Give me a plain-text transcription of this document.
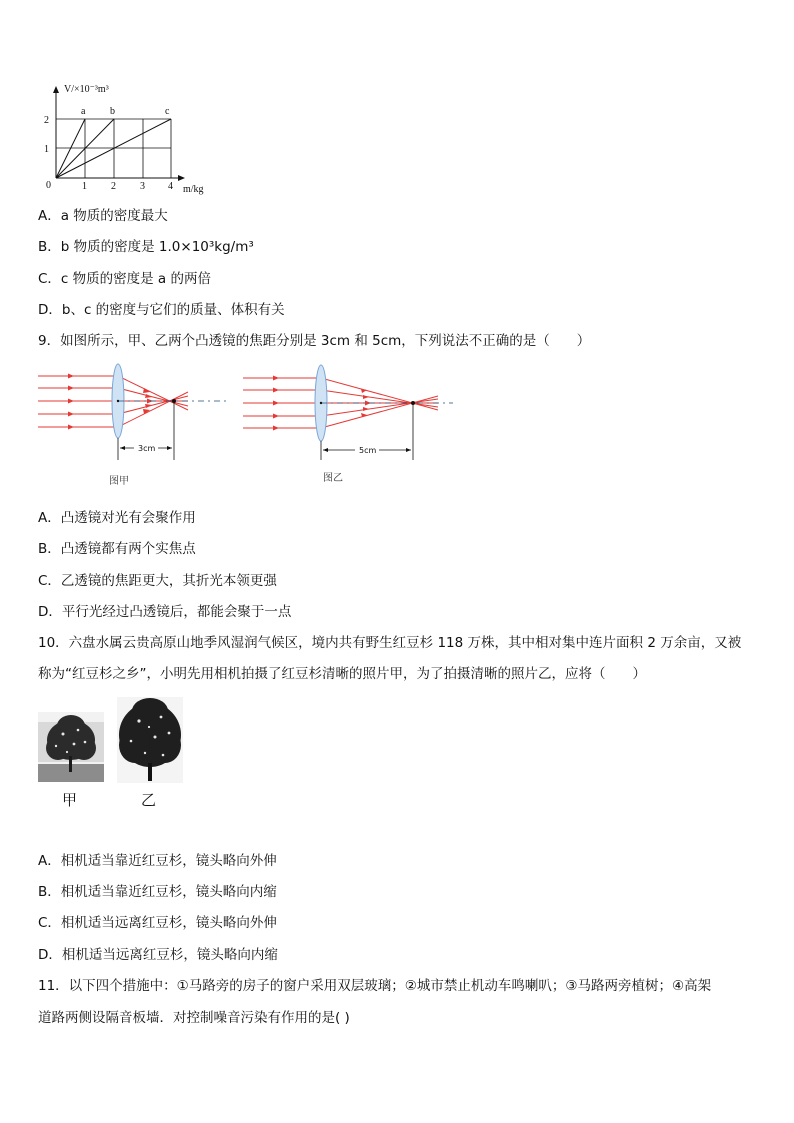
V/×10⁻³m³
a b	c
2
1
0	1 2 3 4 m/kg
A．a 物质的密度最大
B．b 物质的密度是 1.0×10³kg/m³
C．c 物质的密度是 a 的两倍
D．b、c 的密度与它们的质量、体积有关
9．如图所示，甲、乙两个凸透镜的焦距分别是 3cm 和 5cm，下列说法不正确的是（　　）
3cm
图甲
5cm
图乙
A．凸透镜对光有会聚作用
B．凸透镜都有两个实焦点
C．乙透镜的焦距更大，其折光本领更强
D．平行光经过凸透镜后，都能会聚于一点
10．六盘水属云贵高原山地季风湿润气候区，境内共有野生红豆杉 118 万株，其中相对集中连片面积 2 万余亩，又被
称为“红豆杉之乡”，小明先用相机拍摄了红豆杉清晰的照片甲，为了拍摄清晰的照片乙，应将（　　）
甲	乙
A．相机适当靠近红豆杉，镜头略向外伸
B．相机适当靠近红豆杉，镜头略向内缩
C．相机适当远离红豆杉，镜头略向外伸
D．相机适当远离红豆杉，镜头略向内缩
11．以下四个措施中：①马路旁的房子的窗户采用双层玻璃；②城市禁止机动车鸣喇叭；③马路两旁植树；④高架
道路两侧设隔音板墙．对控制噪音污染有作用的是( )
